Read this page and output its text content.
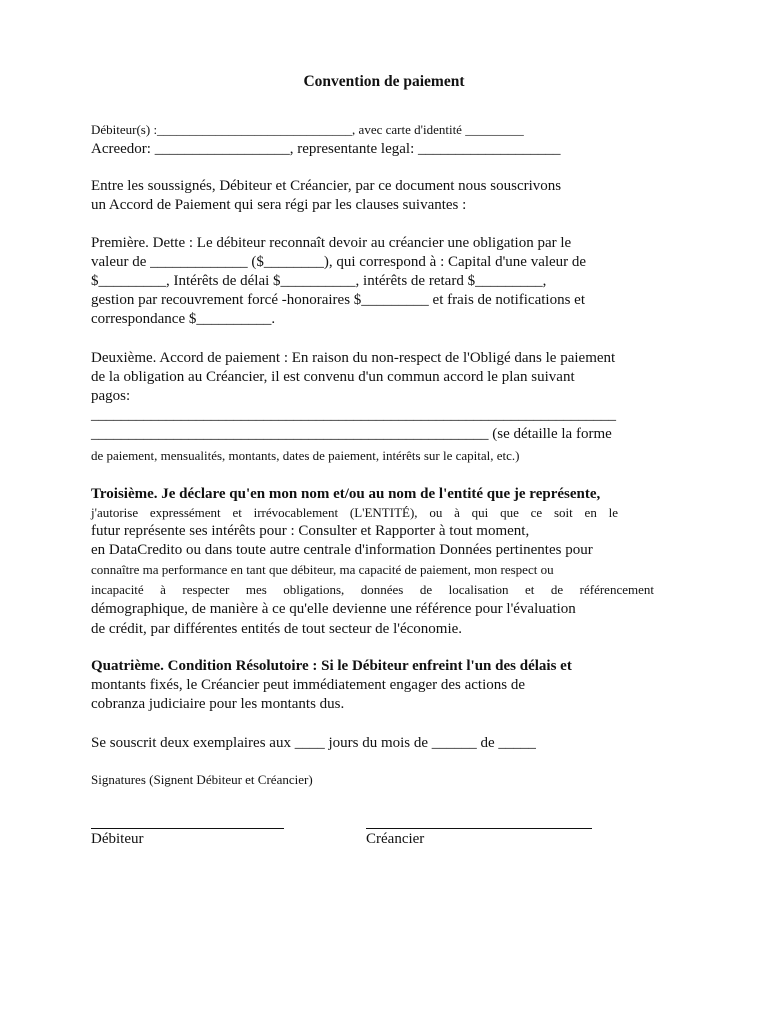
Convention de paiement
Débiteur(s) :______________________________, avec carte d'identité _________
Acreedor: __________________, representante legal: ___________________
Entre les soussignés, Débiteur et Créancier, par ce document nous souscrivons
un Accord de Paiement qui sera régi par les clauses suivantes :
Première. Dette : Le débiteur reconnaît devoir au créancier une obligation par le
valeur de _____________ ($________), qui correspond à : Capital d'une valeur de
$_________, Intérêts de délai $__________, intérêts de retard $_________,
gestion par recouvrement forcé -honoraires $_________ et frais de notifications et
correspondance $__________.
Deuxième. Accord de paiement : En raison du non-respect de l'Obligé dans le paiement
de la obligation au Créancier, il est convenu d'un commun accord le plan suivant
pagos:
______________________________________________________________________
_____________________________________________________ (se détaille la forme
de paiement, mensualités, montants, dates de paiement, intérêts sur le capital, etc.)
Troisième. Je déclare qu'en mon nom et/ou au nom de l'entité que je représente,
j'autorise expressément et irrévocablement (L'ENTITÉ), ou à qui que ce soit en le
futur représente ses intérêts pour : Consulter et Rapporter à tout moment,
en DataCredito ou dans toute autre centrale d'information Données pertinentes pour
connaître ma performance en tant que débiteur, ma capacité de paiement, mon respect ou
incapacité à respecter mes obligations, données de localisation et de référencement
démographique, de manière à ce qu'elle devienne une référence pour l'évaluation
de crédit, par différentes entités de tout secteur de l'économie.
Quatrième. Condition Résolutoire : Si le Débiteur enfreint l'un des délais et
montants fixés, le Créancier peut immédiatement engager des actions de
cobranza judiciaire pour les montants dus.
Se souscrit deux exemplaires aux ____ jours du mois de ______ de _____
Signatures (Signent Débiteur et Créancier)
Débiteur	Créancier
